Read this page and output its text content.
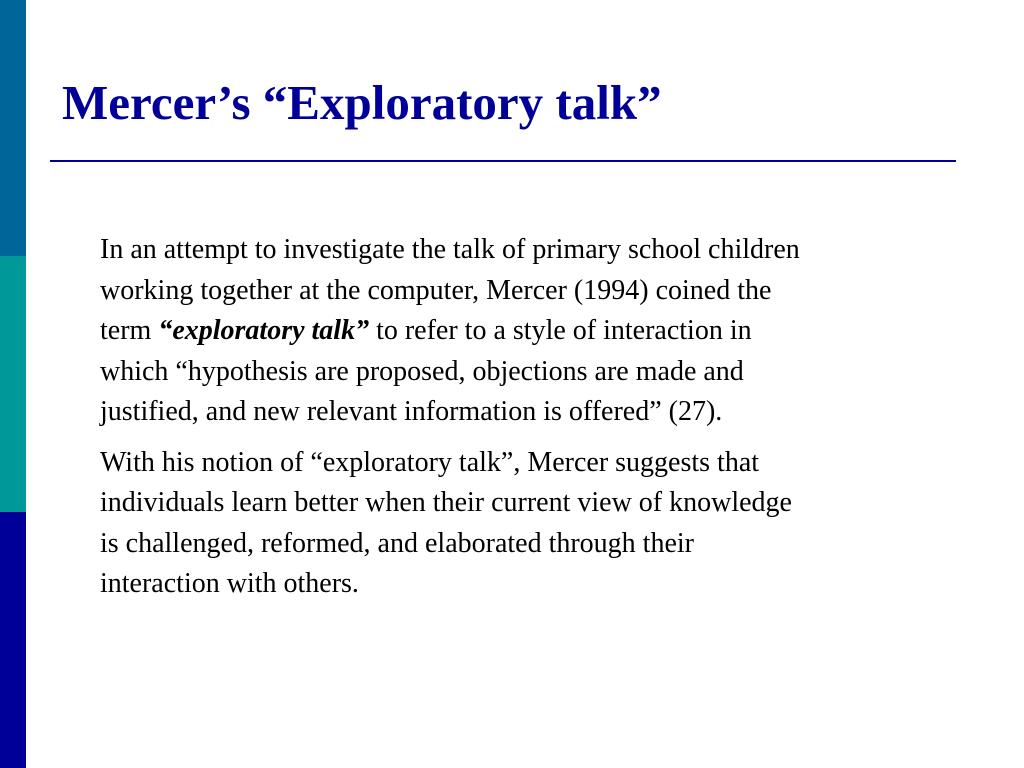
Mercer’s “Exploratory talk”

In an attempt to investigate the talk of primary school children
working together at the computer, Mercer (1994) coined the
term “exploratory talk” to refer to a style of interaction in
which “hypothesis are proposed, objections are made and
justified, and new relevant information is offered” (27).

With his notion of “exploratory talk”, Mercer suggests that
individuals learn better when their current view of knowledge
is challenged, reformed, and elaborated through their
interaction with others.
